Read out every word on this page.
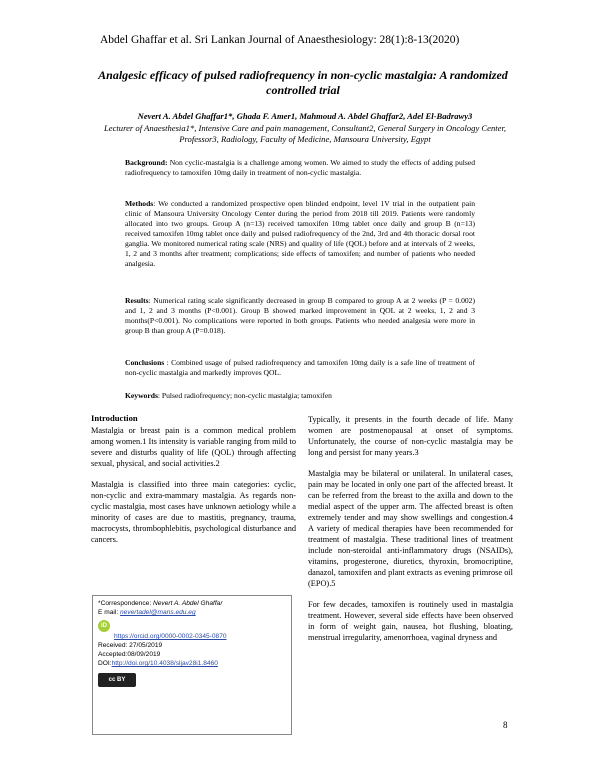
Abdel Ghaffar et al. Sri Lankan Journal of Anaesthesiology: 28(1):8-13(2020)
Analgesic efficacy of pulsed radiofrequency in non-cyclic mastalgia: A randomized controlled trial
Nevert A. Abdel Ghaffar1*, Ghada F. Amer1, Mahmoud A. Abdel Ghaffar2, Adel El-Badrawy3
Lecturer of Anaesthesia1*, Intensive Care and pain management, Consultant2, General Surgery in Oncology Center, Professor3, Radiology, Faculty of Medicine, Mansoura University, Egypt
Background: Non cyclic-mastalgia is a challenge among women. We aimed to study the effects of adding pulsed radiofrequency to tamoxifen 10mg daily in treatment of non-cyclic mastalgia.
Methods: We conducted a randomized prospective open blinded endpoint, level 1V trial in the outpatient pain clinic of Mansoura University Oncology Center during the period from 2018 till 2019. Patients were randomly allocated into two groups. Group A (n=13) received tamoxifen 10mg tablet once daily and group B (n=13) received tamoxifen 10mg tablet once daily and pulsed radiofrequency of the 2nd, 3rd and 4th thoracic dorsal root ganglia. We monitored numerical rating scale (NRS) and quality of life (QOL) before and at intervals of 2 weeks, 1, 2 and 3 months after treatment; complications; side effects of tamoxifen; and number of patients who needed analgesia.
Results: Numerical rating scale significantly decreased in group B compared to group A at 2 weeks (P = 0.002) and 1, 2 and 3 months (P<0.001). Group B showed marked improvement in QOL at 2 weeks, 1, 2 and 3 months(P<0.001). No complications were reported in both groups. Patients who needed analgesia were more in group B than group A (P=0.018).
Conclusions : Combined usage of pulsed radiofrequency and tamoxifen 10mg daily is a safe line of treatment of non-cyclic mastalgia and markedly improves QOL.
Keywords: Pulsed radiofrequency; non-cyclic mastalgia; tamoxifen
Introduction

Mastalgia or breast pain is a common medical problem among women.1 Its intensity is variable ranging from mild to severe and disturbs quality of life (QOL) through affecting sexual, physical, and social activities.2

Mastalgia is classified into three main categories: cyclic, non-cyclic and extra-mammary mastalgia. As regards non-cyclic mastalgia, most cases have unknown aetiology while a minority of cases are due to mastitis, pregnancy, trauma, macrocysts, thrombophlebitis, psychological disturbance and cancers.

Typically, it presents in the fourth decade of life. Many women are postmenopausal at onset of symptoms. Unfortunately, the course of non-cyclic mastalgia may be long and persist for many years.3

Mastalgia may be bilateral or unilateral. In unilateral cases, pain may be located in only one part of the affected breast. It can be referred from the breast to the axilla and down to the medial aspect of the upper arm. The affected breast is often extremely tender and may show swellings and congestion.4 A variety of medical therapies have been recommended for treatment of mastalgia. These traditional lines of treatment include non-steroidal anti-inflammatory drugs (NSAIDs), vitamins, progesterone, diuretics, thyroxin, bromocriptine, danazol, tamoxifen and plant extracts as evening primrose oil (EPO).5

For few decades, tamoxifen is routinely used in mastalgia treatment. However, several side effects have been observed in form of weight gain, nausea, hot flushing, bloating, menstrual irregularity, amenorrhoea, vaginal dryness and

*Correspondence: Nevert A. Abdel Ghaffar
E mail: nevertadel@mans.edu.eg
iD
https://orcid.org/0000-0002-0345-0870
Received: 27/05/2019
Accepted:08/09/2019
DOI:http://doi.org/10.4038/sljav28i1.8460
cc BY
8
